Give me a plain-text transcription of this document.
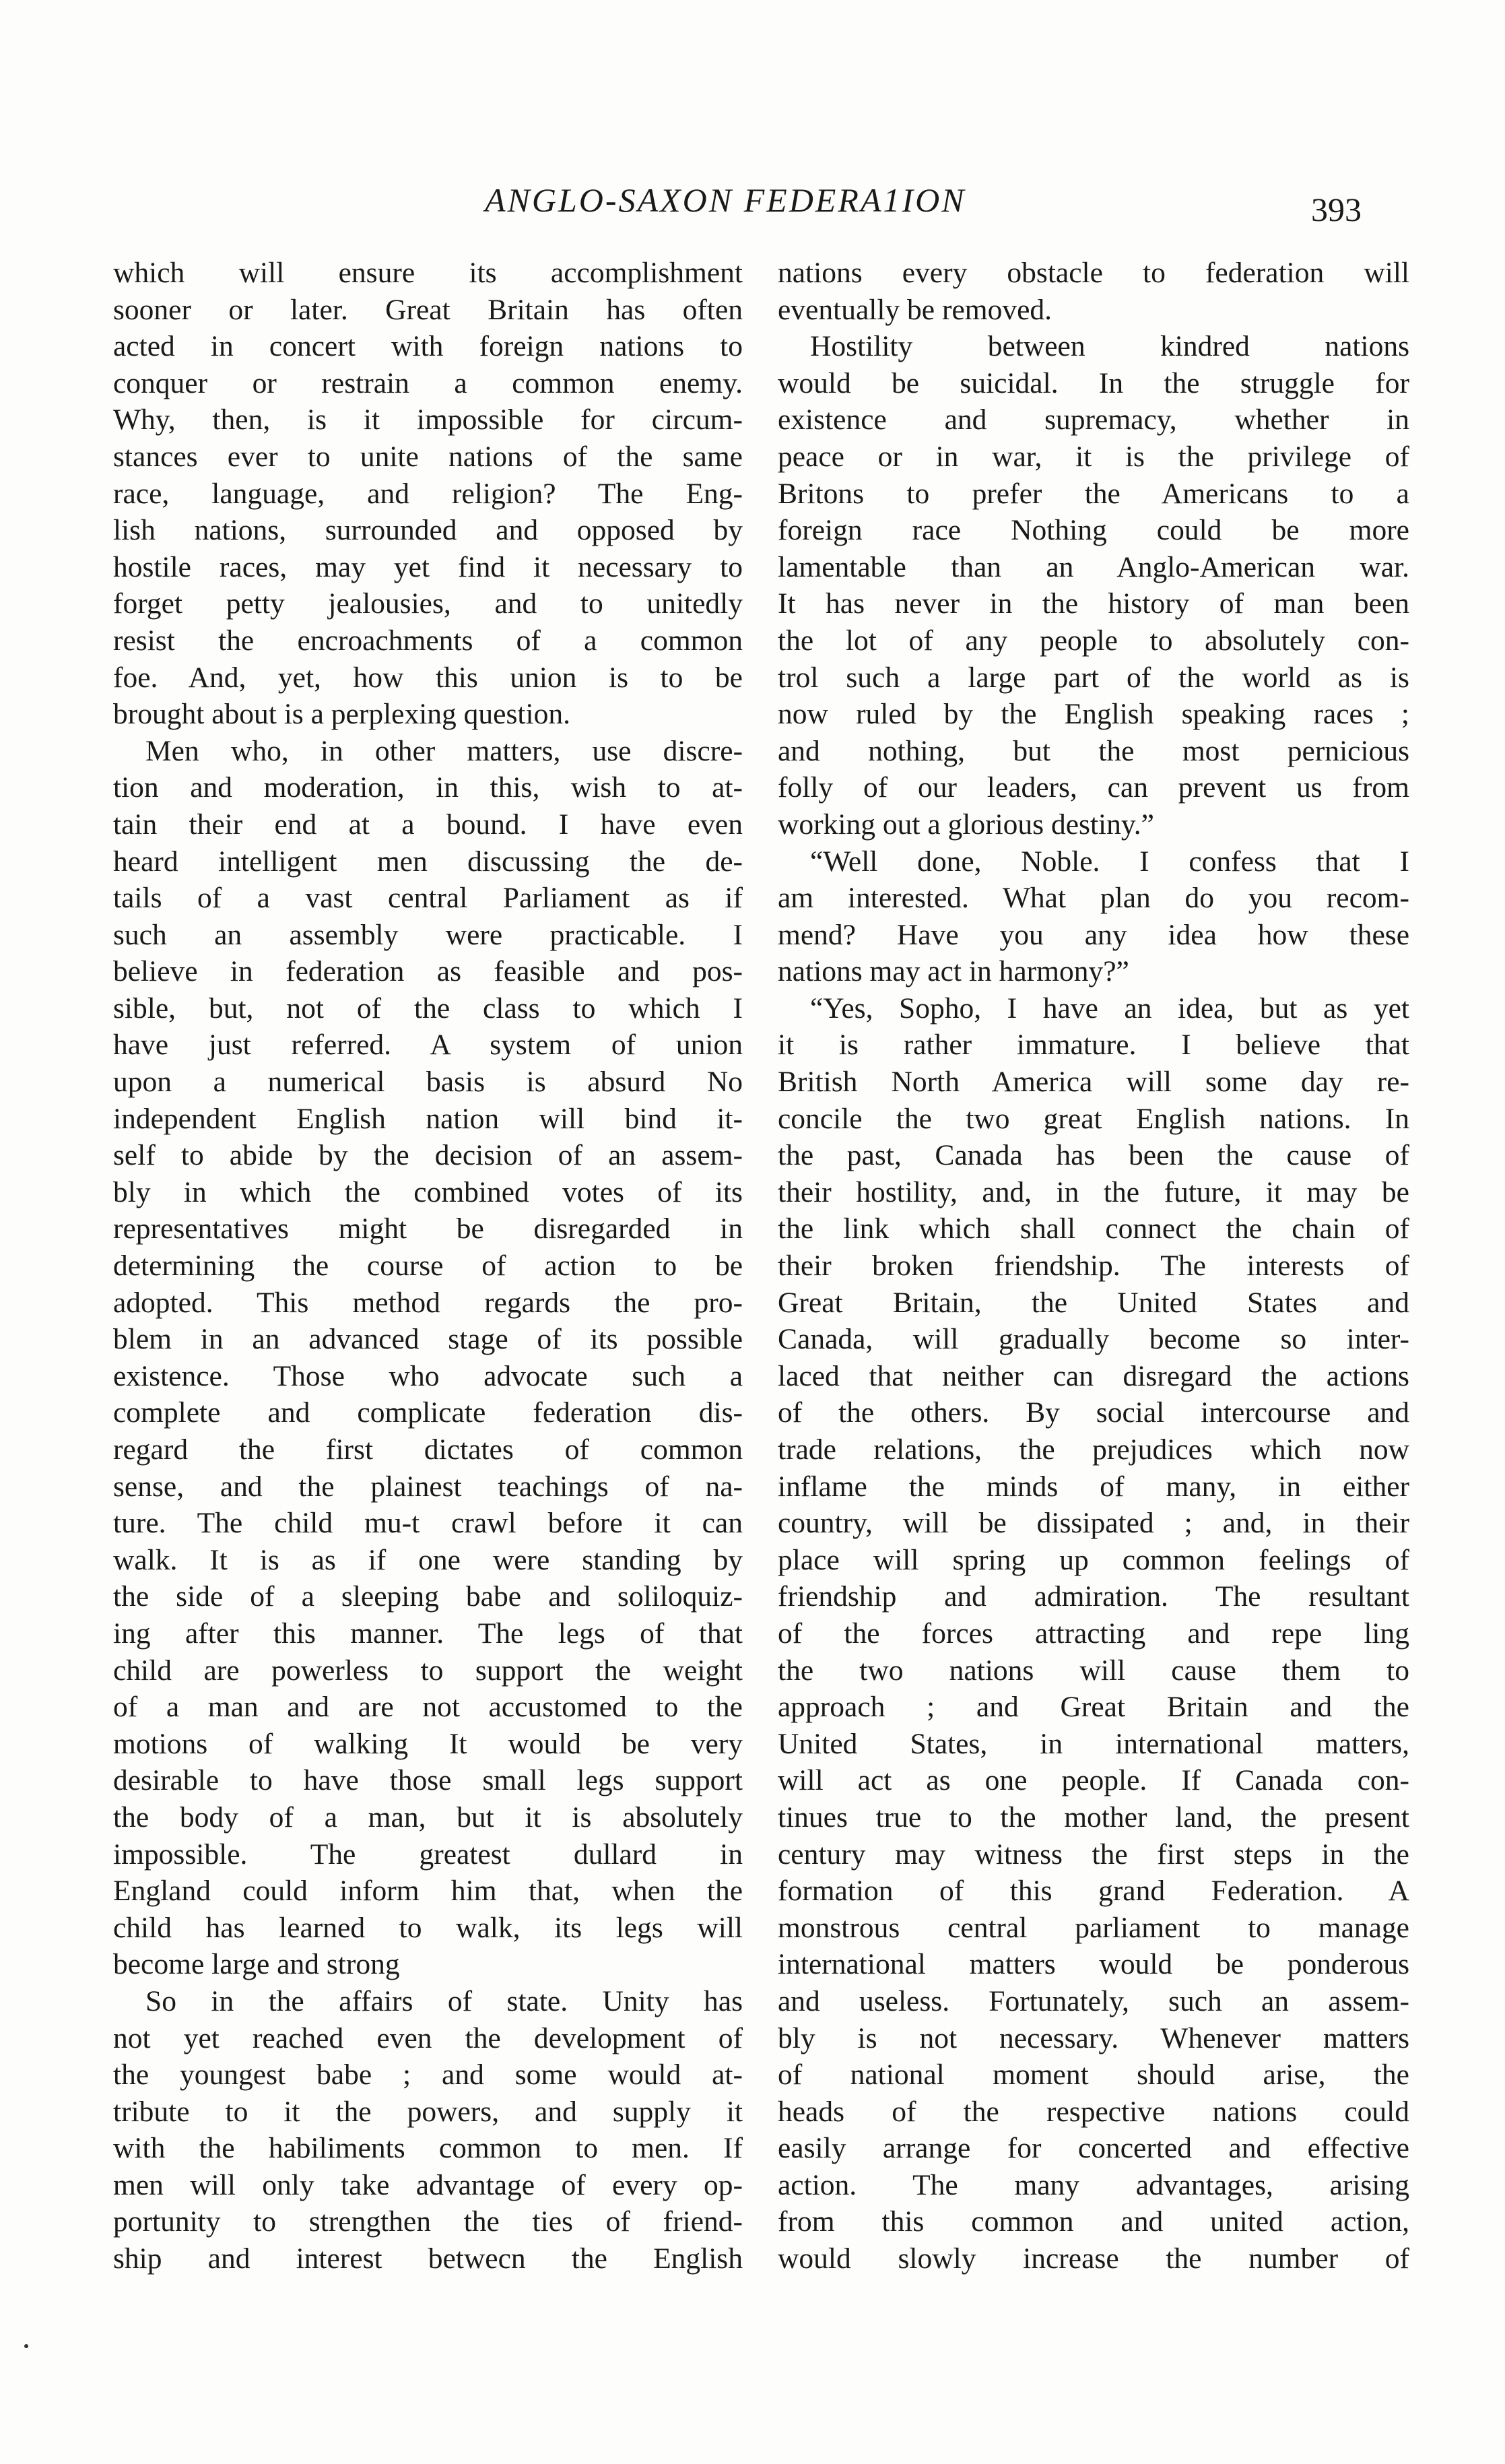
ANGLO-SAXON FEDERA1ION	393
which will ensure its accomplishment
sooner or later. Great Britain has often
acted in concert with foreign nations to
conquer or restrain a common enemy.
Why, then, is it impossible for circum-
stances ever to unite nations of the same
race, language, and religion? The Eng-
lish nations, surrounded and opposed by
hostile races, may yet find it necessary to
forget petty jealousies, and to unitedly
resist the encroachments of a common
foe. And, yet, how this union is to be
brought about is a perplexing question.
Men who, in other matters, use discre-
tion and moderation, in this, wish to at-
tain their end at a bound. I have even
heard intelligent men discussing the de-
tails of a vast central Parliament as if
such an assembly were practicable. I
believe in federation as feasible and pos-
sible, but, not of the class to which I
have just referred. A system of union
upon a numerical basis is absurd No
independent English nation will bind it-
self to abide by the decision of an assem-
bly in which the combined votes of its
representatives might be disregarded in
determining the course of action to be
adopted. This method regards the pro-
blem in an advanced stage of its possible
existence. Those who advocate such a
complete and complicate federation dis-
regard the first dictates of common
sense, and the plainest teachings of na-
ture. The child mu-t crawl before it can
walk. It is as if one were standing by
the side of a sleeping babe and soliloquiz-
ing after this manner. The legs of that
child are powerless to support the weight
of a man and are not accustomed to the
motions of walking It would be very
desirable to have those small legs support
the body of a man, but it is absolutely
impossible. The greatest dullard in
England could inform him that, when the
child has learned to walk, its legs will
become large and strong
So in the affairs of state. Unity has
not yet reached even the development of
the youngest babe ; and some would at-
tribute to it the powers, and supply it
with the habiliments common to men. If
men will only take advantage of every op-
portunity to strengthen the ties of friend-
ship and interest betwecn the English
nations every obstacle to federation will
eventually be removed.
Hostility between kindred nations
would be suicidal. In the struggle for
existence and supremacy, whether in
peace or in war, it is the privilege of
Britons to prefer the Americans to a
foreign race Nothing could be more
lamentable than an Anglo-American war.
It has never in the history of man been
the lot of any people to absolutely con-
trol such a large part of the world as is
now ruled by the English speaking races ;
and nothing, but the most pernicious
folly of our leaders, can prevent us from
working out a glorious destiny.”
“Well done, Noble. I confess that I
am interested. What plan do you recom-
mend? Have you any idea how these
nations may act in harmony?”
“Yes, Sopho, I have an idea, but as yet
it is rather immature. I believe that
British North America will some day re-
concile the two great English nations. In
the past, Canada has been the cause of
their hostility, and, in the future, it may be
the link which shall connect the chain of
their broken friendship. The interests of
Great Britain, the United States and
Canada, will gradually become so inter-
laced that neither can disregard the actions
of the others. By social intercourse and
trade relations, the prejudices which now
inflame the minds of many, in either
country, will be dissipated ; and, in their
place will spring up common feelings of
friendship and admiration. The resultant
of the forces attracting and repe ling
the two nations will cause them to
approach ; and Great Britain and the
United States, in international matters,
will act as one people. If Canada con-
tinues true to the mother land, the present
century may witness the first steps in the
formation of this grand Federation. A
monstrous central parliament to manage
international matters would be ponderous
and useless. Fortunately, such an assem-
bly is not necessary. Whenever matters
of national moment should arise, the
heads of the respective nations could
easily arrange for concerted and effective
action. The many advantages, arising
from this common and united action,
would slowly increase the number of
